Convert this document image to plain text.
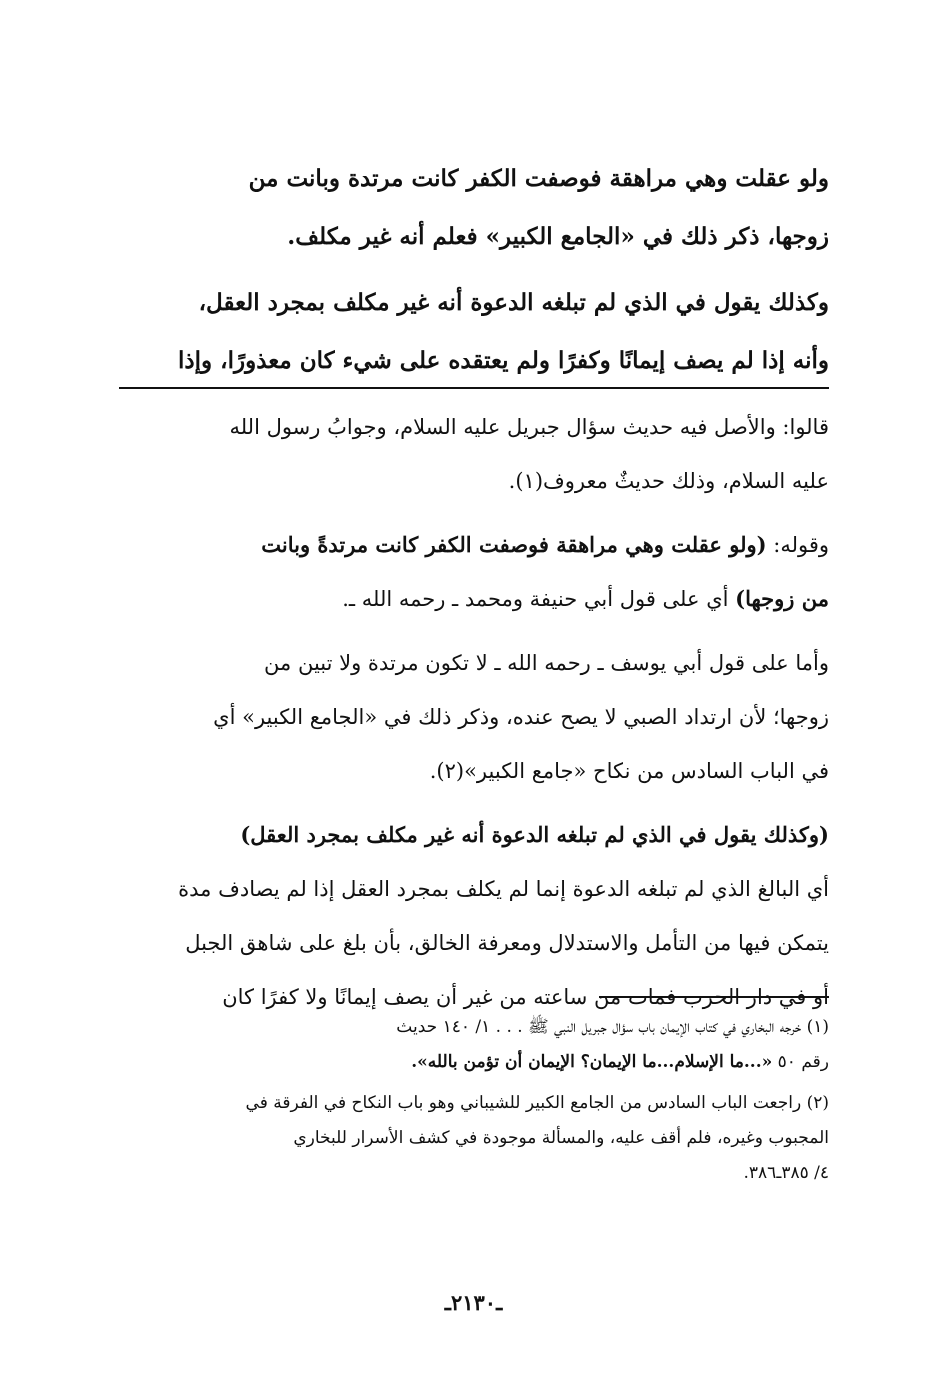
ولو عقلت وهي مراهقة فوصفت الكفر كانت مرتدة وبانت من
زوجها، ذكر ذلك في «الجامع الكبير» فعلم أنه غير مكلف.
وكذلك يقول في الذي لم تبلغه الدعوة أنه غير مكلف بمجرد العقل،
وأنه إذا لم يصف إيمانًا وكفرًا ولم يعتقده على شيء كان معذورًا، وإذا
قالوا: والأصل فيه حديث سؤال جبريل عليه السلام، وجوابُ رسول الله
عليه السلام، وذلك حديثٌ معروف(١).
وقوله: (ولو عقلت وهي مراهقة فوصفت الكفر كانت مرتدةً وبانت
من زوجها) أي على قول أبي حنيفة ومحمد ـ رحمه الله ـ.
وأما على قول أبي يوسف ـ رحمه الله ـ لا تكون مرتدة ولا تبين من
زوجها؛ لأن ارتداد الصبي لا يصح عنده، وذكر ذلك في «الجامع الكبير» أي
في الباب السادس من نكاح «جامع الكبير»(٢).
(وكذلك يقول في الذي لم تبلغه الدعوة أنه غير مكلف بمجرد العقل)
أي البالغ الذي لم تبلغه الدعوة إنما لم يكلف بمجرد العقل إذا لم يصادف مدة
يتمكن فيها من التأمل والاستدلال ومعرفة الخالق، بأن بلغ على شاهق الجبل
أو في دار الحرب فمات من ساعته من غير أن يصف إيمانًا ولا كفرًا كان
(١) خرجه البخاري في كتاب الإيمان باب سؤال جبريل النبي ﷺ . . . ١/ ١٤٠ حديث
رقم ٥٠ «...ما الإسلام...ما الإيمان؟ الإيمان أن تؤمن بالله».
(٢) راجعت الباب السادس من الجامع الكبير للشيباني وهو باب النكاح في الفرقة في
المجبوب وغيره، فلم أقف عليه، والمسألة موجودة في كشف الأسرار للبخاري
٤/ ٣٨٥ـ٣٨٦.
ـ٢١٣٠ـ
